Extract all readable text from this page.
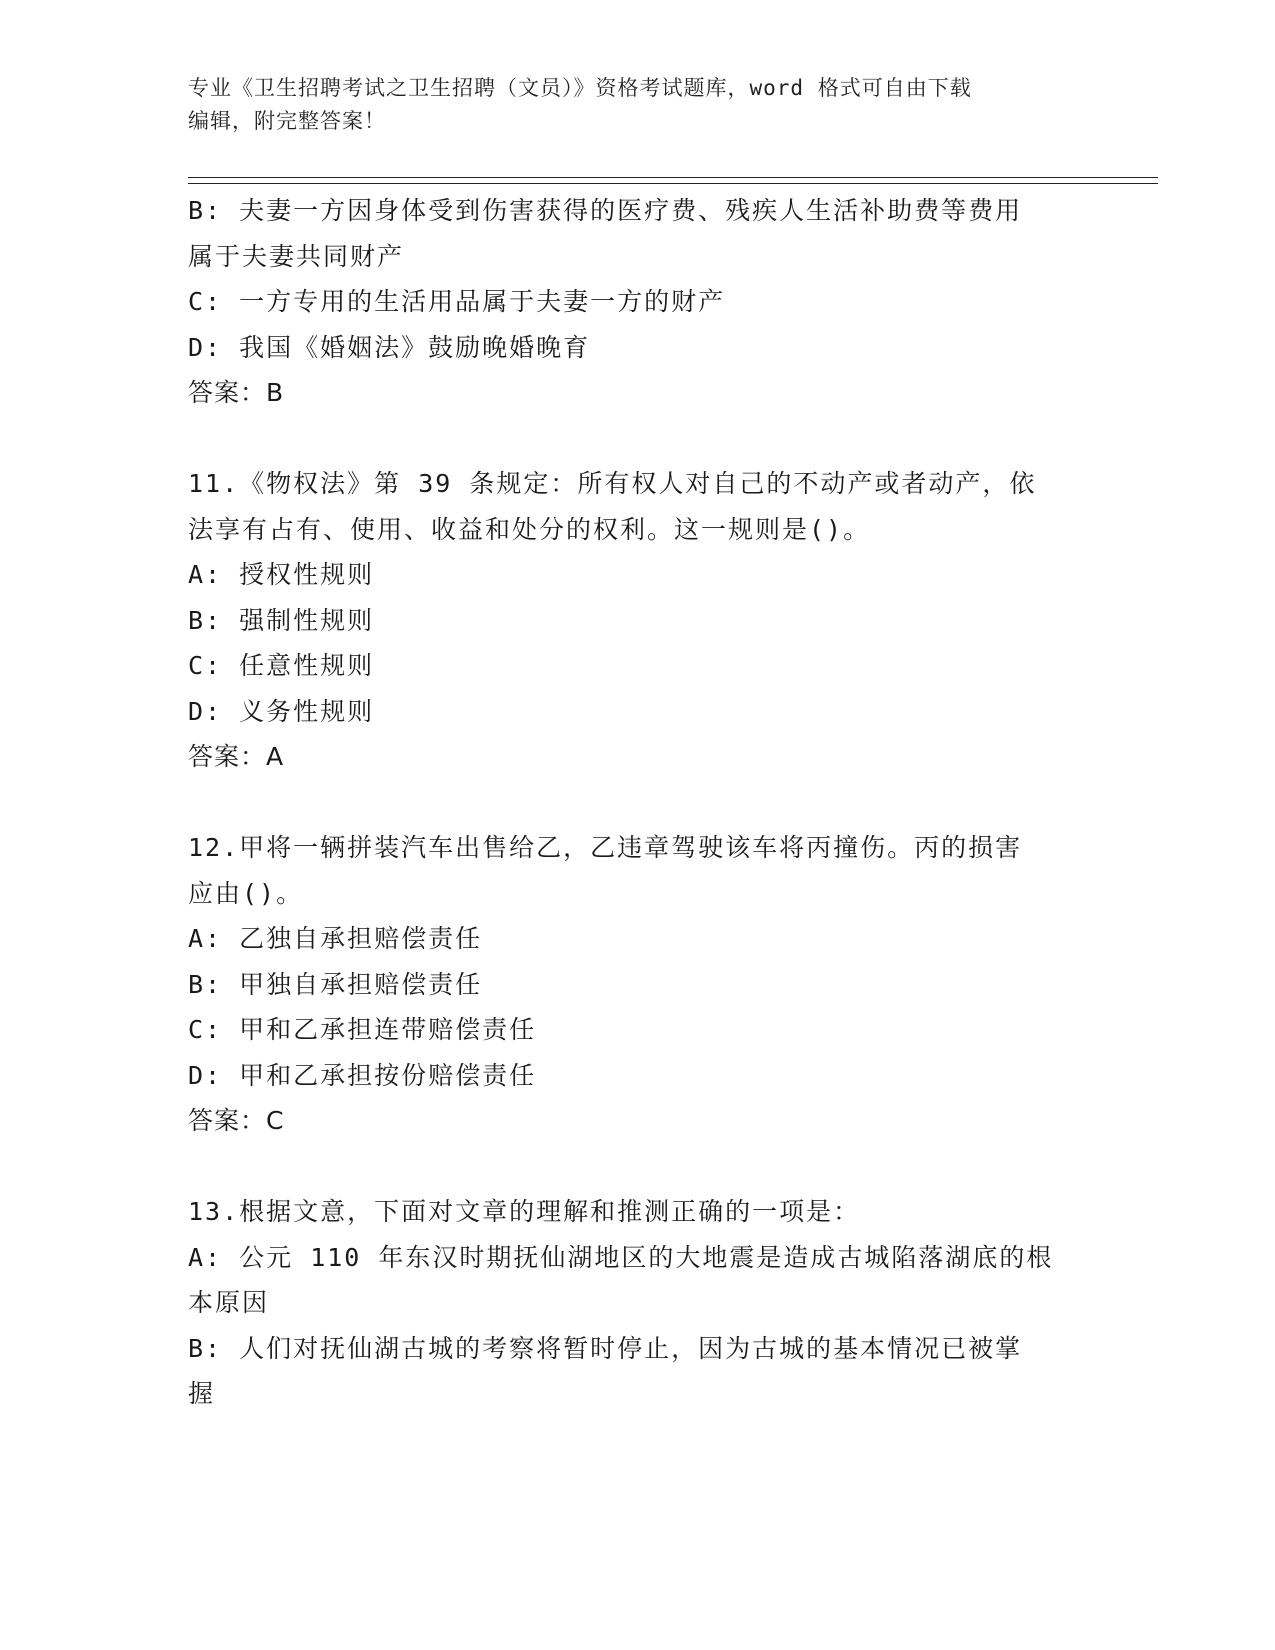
专业《卫生招聘考试之卫生招聘（文员）》资格考试题库，word 格式可自由下载
编辑，附完整答案！
B: 夫妻一方因身体受到伤害获得的医疗费、残疾人生活补助费等费用
属于夫妻共同财产
C: 一方专用的生活用品属于夫妻一方的财产
D: 我国《婚姻法》鼓励晚婚晚育
答案：B
11.《物权法》第 39 条规定：所有权人对自己的不动产或者动产，依
法享有占有、使用、收益和处分的权利。这一规则是()。
A: 授权性规则
B: 强制性规则
C: 任意性规则
D: 义务性规则
答案：A
12.甲将一辆拼装汽车出售给乙，乙违章驾驶该车将丙撞伤。丙的损害
应由()。
A: 乙独自承担赔偿责任
B: 甲独自承担赔偿责任
C: 甲和乙承担连带赔偿责任
D: 甲和乙承担按份赔偿责任
答案：C
13.根据文意，下面对文章的理解和推测正确的一项是：
A: 公元 110 年东汉时期抚仙湖地区的大地震是造成古城陷落湖底的根
本原因
B: 人们对抚仙湖古城的考察将暂时停止，因为古城的基本情况已被掌
握
